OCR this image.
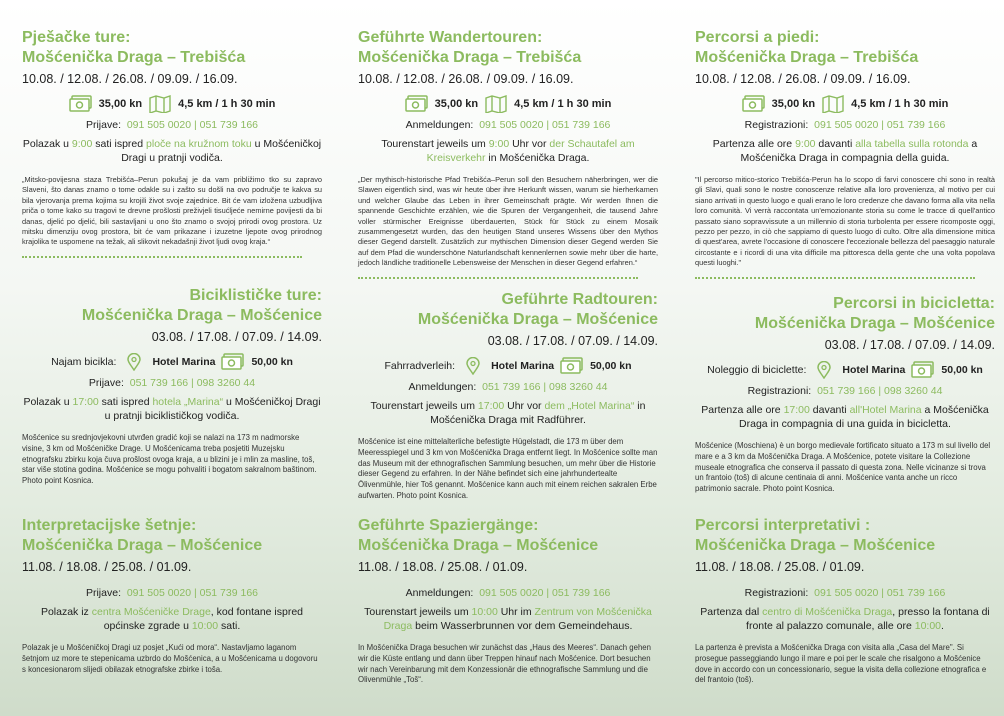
Pješačke ture:
Mošćenička Draga – Trebišća
10.08. / 12.08. / 26.08. / 09.09. / 16.09.
35,00 kn	4,5 km / 1 h 30 min
Prijave: 091 505 0020 | 051 739 166
Polazak u 9:00 sati ispred ploče na kružnom toku u Mošćeničkoj Dragi u pratnji vodiča.
„Mitsko-povijesna staza Trebišća–Perun pokušaj je da vam približimo tko su zapravo Slaveni, što danas znamo o tome odakle su i zašto su došli na ovo područje te kakva su bila vjerovanja prema kojima su krojili život svoje zajednice. Bit će vam izložena uzbudljiva priča o tome kako su tragovi te drevne prošlosti preživjeli tisućljeće nemirne povijesti da bi danas, djelić po djelić, bili sastavljani u ono što znamo o svojoj prirodi ovog prostora. Uz mitsku dimenziju ovog prostora, bit će vam prikazane i izuzetne ljepote ovog prirodnog krajolika te uspomene na težak, ali slikovit nekadašnji život ljudi ovog kraja.“
Biciklističke ture:
Mošćenička Draga – Mošćenice
03.08. / 17.08. / 07.09. / 14.09.
Najam bicikla:	Hotel Marina	50,00 kn
Prijave: 051 739 166 | 098 3260 44
Polazak u 17:00 sati ispred hotela „Marina“ u Mošćeničkoj Dragi u pratnji biciklističkog vodiča.
Mošćenice su srednjovjekovni utvrđen gradić koji se nalazi na 173 m nadmorske visine, 3 km od Mošćeničke Drage. U Mošćenicama treba posjetiti Muzejsku etnografsku zbirku koja čuva prošlost ovoga kraja, a u blizini je i mlin za masline, toš, star više stotina godina. Mošćenice se mogu pohvaliti i bogatom sakralnom baštinom. Photo point Kosnica.
Interpretacijske šetnje:
Mošćenička Draga – Mošćenice
11.08. / 18.08. / 25.08. / 01.09.
Prijave: 091 505 0020 | 051 739 166
Polazak iz centra Mošćeničke Drage, kod fontane ispred općinske zgrade u 10:00 sati.
Polazak je u Mošćeničkoj Dragi uz posjet „Kući od mora“. Nastavljamo laganom šetnjom uz more te stepenicama uzbrdo do Mošćenica, a u Mošćenicama u dogovoru s koncesionarom slijedi obilazak etnografske zbirke i toša.
Geführte Wandertouren:
Mošćenička Draga – Trebišća
10.08. / 12.08. / 26.08. / 09.09. / 16.09.
35,00 kn	4,5 km / 1 h 30 min
Anmeldungen: 091 505 0020 | 051 739 166
Tourenstart jeweils um 9:00 Uhr vor der Schautafel am Kreisverkehr in Mošćenička Draga.
„Der mythisch-historische Pfad Trebišća–Perun soll den Besuchern näherbringen, wer die Slawen eigentlich sind, was wir heute über ihre Herkunft wissen, warum sie hierherkamen und welcher Glaube das Leben in ihrer Gemeinschaft prägte. Wir werden Ihnen die spannende Geschichte erzählen, wie die Spuren der Vergangenheit, die tausend Jahre voller stürmischer Ereignisse überdauerten, Stück für Stück zu einem Mosaik zusammengesetzt wurden, das den heutigen Stand unseres Wissens über den Mythos dieser Gegend darstellt. Zusätzlich zur mythischen Dimension dieser Gegend werden Sie auf dem Pfad die wunderschöne Naturlandschaft kennenlernen sowie mehr über die harte, jedoch ländliche traditionelle Lebensweise der Menschen in dieser Gegend erfahren.“
Geführte Radtouren:
Mošćenička Draga – Mošćenice
03.08. / 17.08. / 07.09. / 14.09.
Fahrradverleih:	Hotel Marina	50,00 kn
Anmeldungen: 051 739 166 | 098 3260 44
Tourenstart jeweils um 17:00 Uhr vor dem „Hotel Marina“ in Mošćenička Draga mit Radführer.
Mošćenice ist eine mittelalterliche befestigte Hügelstadt, die 173 m über dem Meeresspiegel und 3 km von Mošćenička Draga entfernt liegt. In Mošćenice sollte man das Museum mit der ethnografischen Sammlung besuchen, um mehr über die Historie dieser Gegend zu erfahren. In der Nähe befindet sich eine jahrhundertealte Ölivenmühle, hier Toš genannt. Mošćenice kann auch mit einem reichen sakralen Erbe aufwarten. Photo point Kosnica.
Geführte Spaziergänge:
Mošćenička Draga – Mošćenice
11.08. / 18.08. / 25.08. / 01.09.
Anmeldungen: 091 505 0020 | 051 739 166
Tourenstart jeweils um 10:00 Uhr im Zentrum von Mošćenička Draga beim Wasserbrunnen vor dem Gemeindehaus.
In Mošćenička Draga besuchen wir zunächst das „Haus des Meeres“. Danach gehen wir die Küste entlang und dann über Treppen hinauf nach Mošćenice. Dort besuchen wir nach Vereinbarung mit dem Konzessionär die ethnografische Sammlung und die Olivenmühle „Toš“.
Percorsi a piedi:
Mošćenička Draga – Trebišća
10.08. / 12.08. / 26.08. / 09.09. / 16.09.
35,00 kn	4,5 km / 1 h 30 min
Registrazioni: 091 505 0020 | 051 739 166
Partenza alle ore 9:00 davanti alla tabella sulla rotonda a Mošćenička Draga in compagnia della guida.
"Il percorso mitico-storico Trebišća-Perun ha lo scopo di farvi conoscere chi sono in realtà gli Slavi, quali sono le nostre conoscenze relative alla loro provenienza, al motivo per cui siano arrivati in questo luogo e quali erano le loro credenze che davano forma alla vita nella loro comunità. Vi verrà raccontata un'emozionante storia su come le tracce di quell'antico passato siano sopravvissute a un millennio di storia turbolenta per essere ricomposte oggi, pezzo per pezzo, in ciò che sappiamo di questo luogo di culto. Oltre alla dimensione mitica di quest'area, avrete l'occasione di conoscere l'eccezionale bellezza del paesaggio naturale circostante e i ricordi di una vita difficile ma pittoresca della gente che una volta popolava questi luoghi."
Percorsi in bicicletta:
Mošćenička Draga – Mošćenice
03.08. / 17.08. / 07.09. / 14.09.
Noleggio di biciclette:	Hotel Marina	50,00 kn
Registrazioni: 051 739 166 | 098 3260 44
Partenza alle ore 17:00 davanti all'Hotel Marina a Mošćenička Draga in compagnia di una guida in bicicletta.
Mošćenice (Moschiena) è un borgo medievale fortificato situato a 173 m sul livello del mare e a 3 km da Mošćenička Draga. A Mošćenice, potete visitare la Collezione museale etnografica che conserva il passato di questa zona. Nelle vicinanze si trova un frantoio (toš) di alcune centinaia di anni. Mošćenice vanta anche un ricco patrimonio sacrale. Photo point Kosnica.
Percorsi interpretativi :
Mošćenička Draga – Mošćenice
11.08. / 18.08. / 25.08. / 01.09.
Registrazioni: 091 505 0020 | 051 739 166
Partenza dal centro di Mošćenička Draga, presso la fontana di fronte al palazzo comunale, alle ore 10:00.
La partenza è prevista a Mošćenička Draga con visita alla „Casa del Mare". Si prosegue passeggiando lungo il mare e poi per le scale che risalgono a Mošćenice dove in accordo con un concessionario, segue la visita della collezione etnografica e del frantoio (toš).
